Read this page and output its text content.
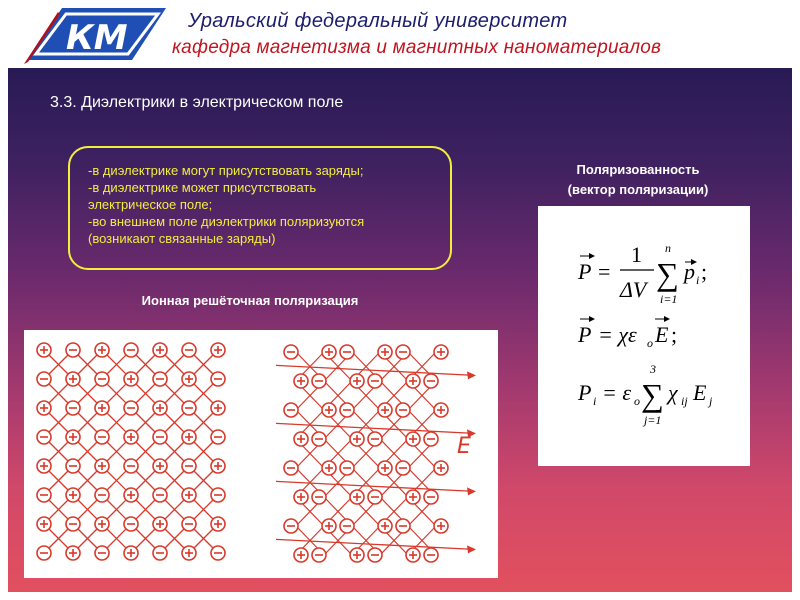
КМ	Уральский федеральный университет
кафедра магнетизма и магнитных наноматериалов
3.3. Диэлектрики в электрическом поле
-в диэлектрике могут присутствовать заряды;
-в диэлектрике может присутствовать
электрическое поле;
-во внешнем поле диэлектрики поляризуются
(возникают связанные заряды)
Поляризованность
(вектор поляризации)
Ионная решёточная поляризация
P =
1
ΔV
n
∑
i=1
p i ;
P = χε o E ;
P i = ε o
3
∑
j=1
χ ij E j
E
